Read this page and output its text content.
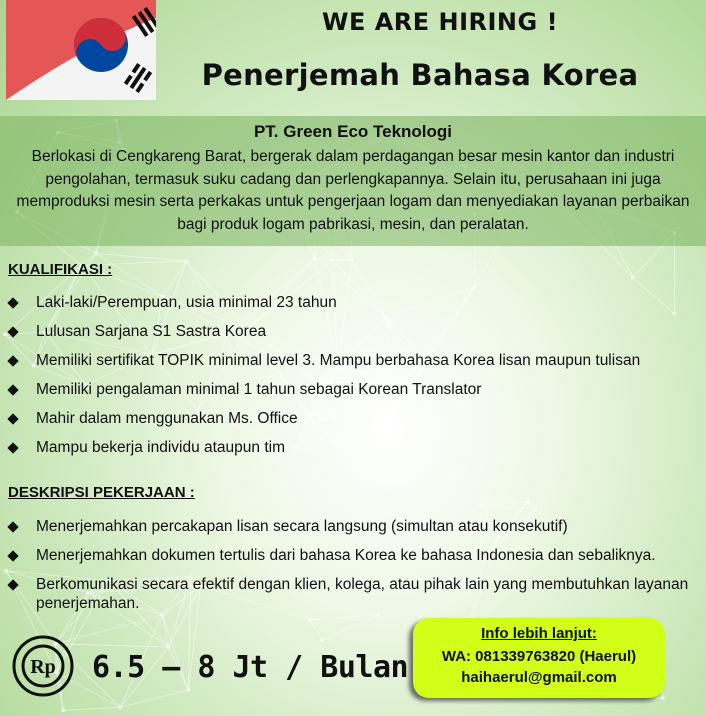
WE ARE HIRING !
Penerjemah Bahasa Korea
PT. Green Eco Teknologi
Berlokasi di Cengkareng Barat, bergerak dalam perdagangan besar mesin kantor dan industri pengolahan, termasuk suku cadang dan perlengkapannya. Selain itu, perusahaan ini juga memproduksi mesin serta perkakas untuk pengerjaan logam dan menyediakan layanan perbaikan bagi produk logam pabrikasi, mesin, dan peralatan.
KUALIFIKASI :
Laki-laki/Perempuan, usia minimal 23 tahun
Lulusan Sarjana S1 Sastra Korea
Memiliki sertifikat TOPIK minimal level 3. Mampu berbahasa Korea lisan maupun tulisan
Memiliki pengalaman minimal 1 tahun sebagai Korean Translator
Mahir dalam menggunakan Ms. Office
Mampu bekerja individu ataupun tim
DESKRIPSI PEKERJAAN :
Menerjemahkan percakapan lisan secara langsung (simultan atau konsekutif)
Menerjemahkan dokumen tertulis dari bahasa Korea ke bahasa Indonesia dan sebaliknya.
Berkomunikasi secara efektif dengan klien, kolega, atau pihak lain yang membutuhkan layanan penerjemahan.
Rp 6.5 – 8 Jt / Bulan
Info lebih lanjut:
WA: 081339763820 (Haerul)
haihaerul@gmail.com
